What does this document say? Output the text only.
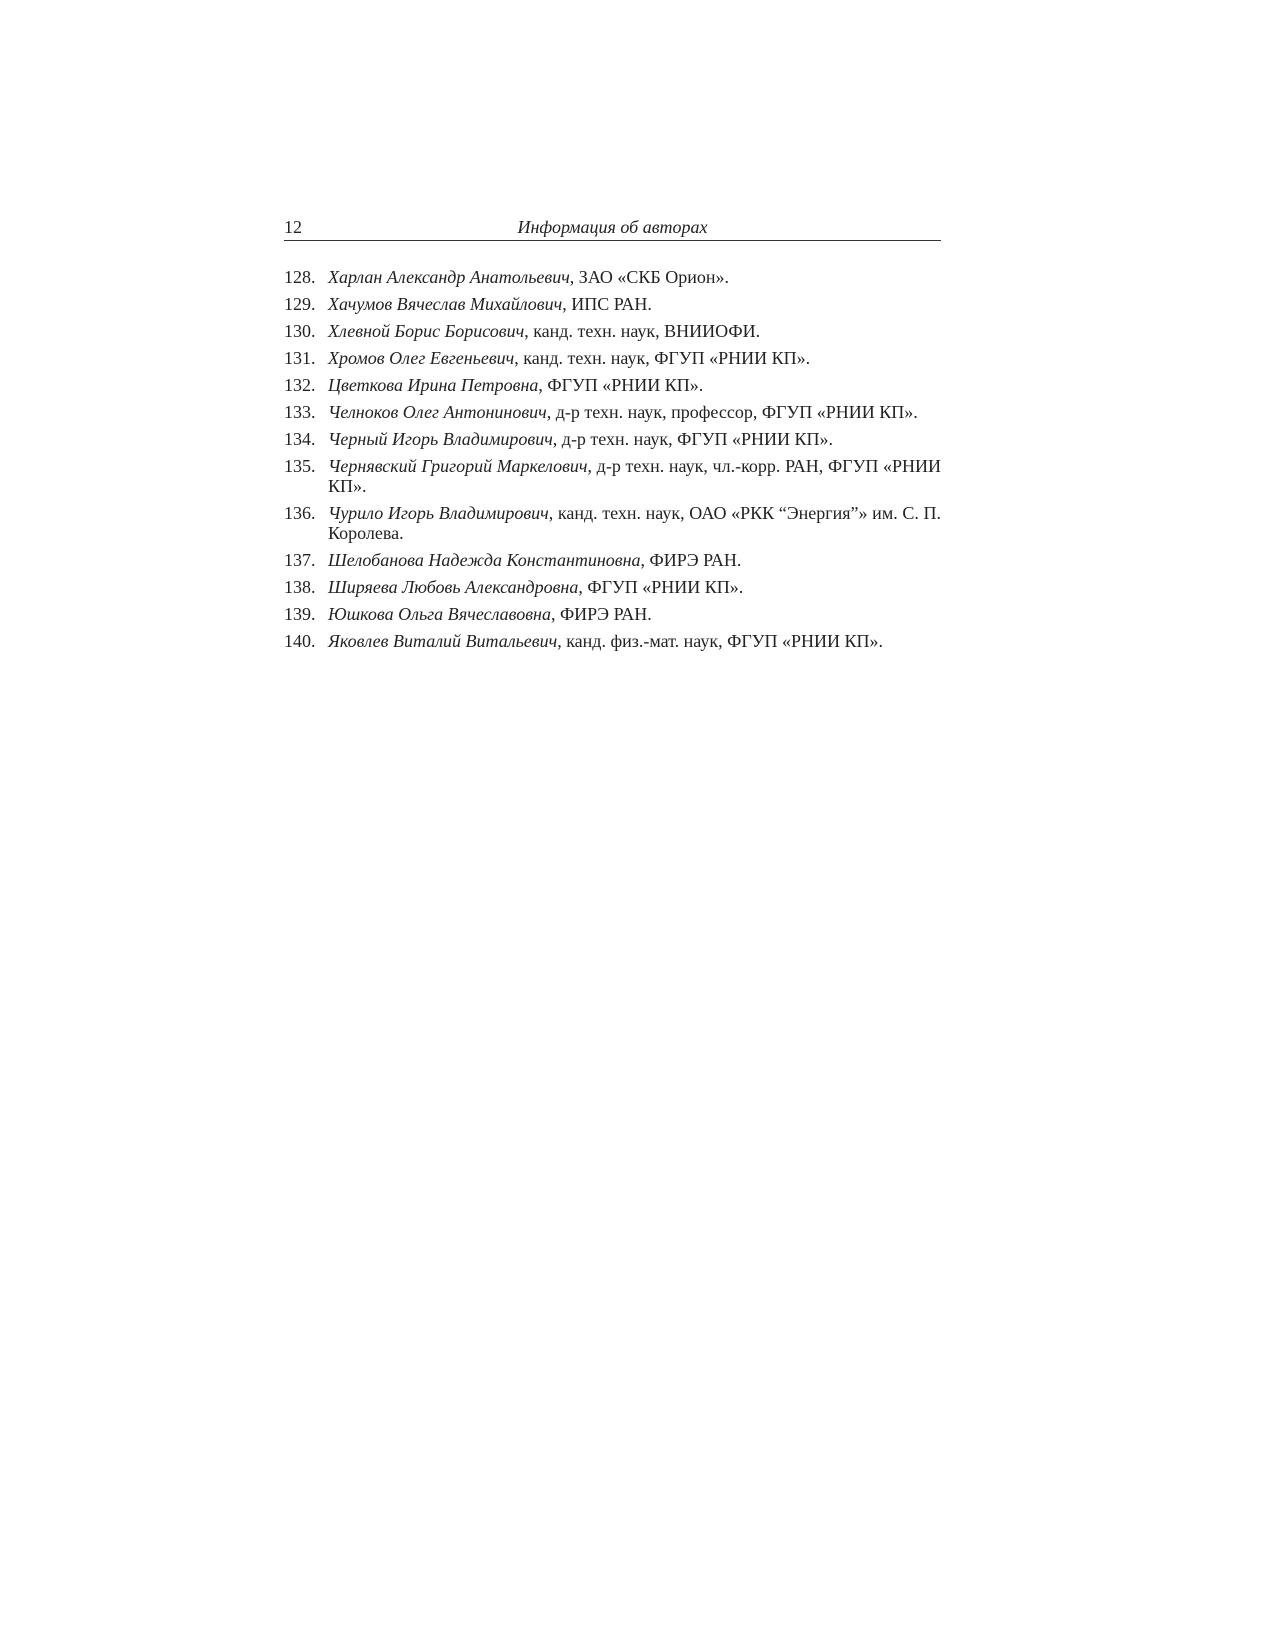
12	Информация об авторах
128. Харлан Александр Анатольевич, ЗАО «СКБ Орион».
129. Хачумов Вячеслав Михайлович, ИПС РАН.
130. Хлевной Борис Борисович, канд. техн. наук, ВНИИОФИ.
131. Хромов Олег Евгеньевич, канд. техн. наук, ФГУП «РНИИ КП».
132. Цветкова Ирина Петровна, ФГУП «РНИИ КП».
133. Челноков Олег Антонинович, д-р техн. наук, профессор, ФГУП «РНИИ КП».
134. Черный Игорь Владимирович, д-р техн. наук, ФГУП «РНИИ КП».
135. Чернявский Григорий Маркелович, д-р техн. наук, чл.-корр. РАН, ФГУП «РНИИ КП».
136. Чурило Игорь Владимирович, канд. техн. наук, ОАО «РКК “Энергия”» им. С. П. Королева.
137. Шелобанова Надежда Константиновна, ФИРЭ РАН.
138. Ширяева Любовь Александровна, ФГУП «РНИИ КП».
139. Юшкова Ольга Вячеславовна, ФИРЭ РАН.
140. Яковлев Виталий Витальевич, канд. физ.-мат. наук, ФГУП «РНИИ КП».
